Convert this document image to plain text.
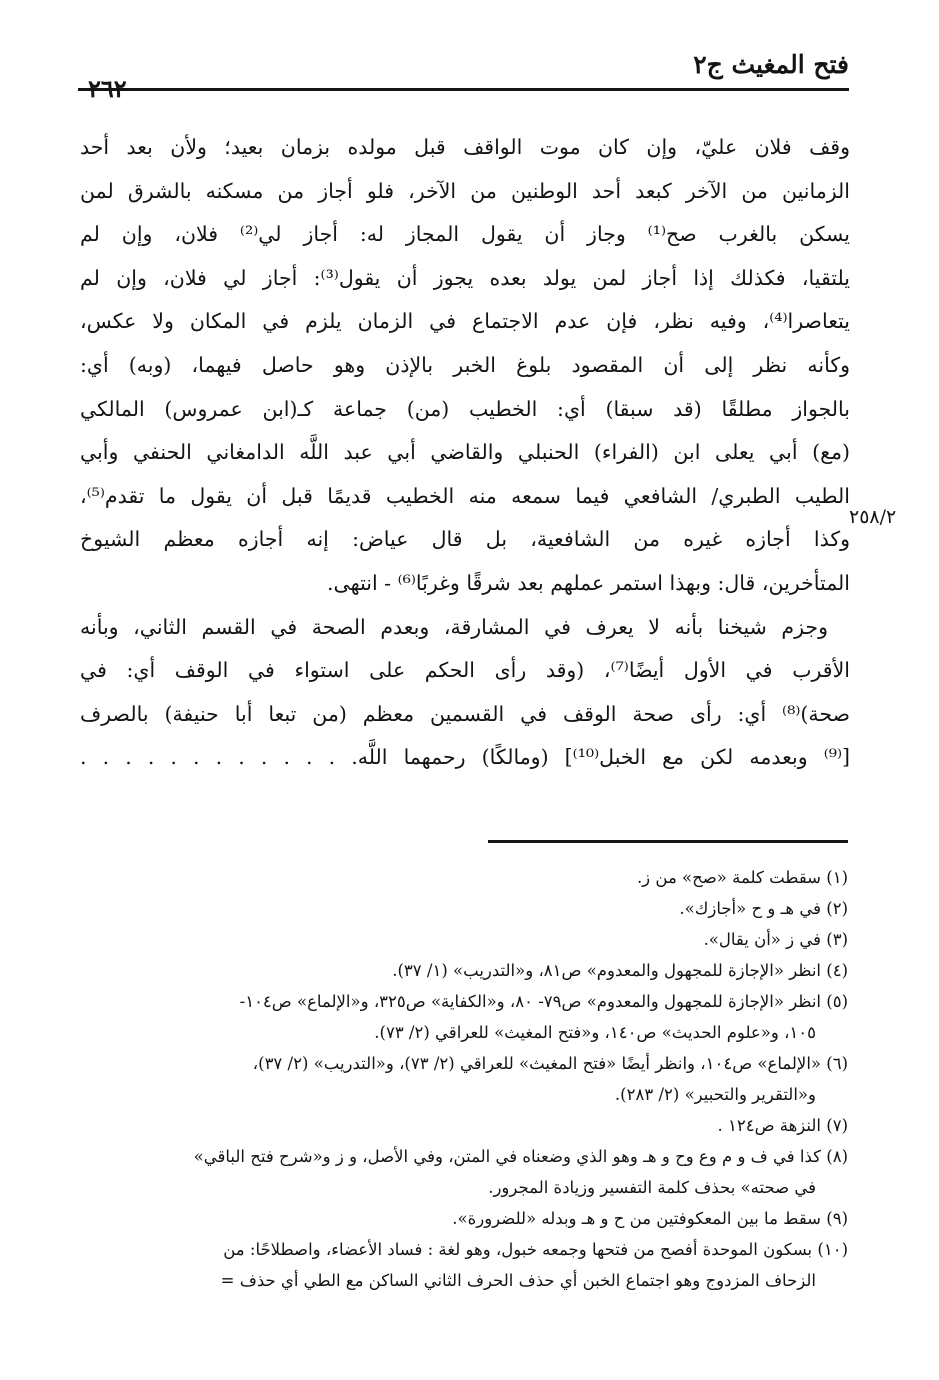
فتح المغيث ج٢
٢٦٢
وقف فلان عليّ، وإن كان موت الواقف قبل مولده بزمان بعيد؛ ولأن بعد أحد
الزمانين من الآخر كبعد أحد الوطنين من الآخر، فلو أجاز من مسكنه بالشرق لمن
يسكن بالغرب صح⁽¹⁾ وجاز أن يقول المجاز له: أجاز لي⁽²⁾ فلان، وإن لم
يلتقيا، فكذلك إذا أجاز لمن يولد بعده يجوز أن يقول⁽³⁾: أجاز لي فلان، وإن لم
يتعاصرا⁽⁴⁾، وفيه نظر، فإن عدم الاجتماع في الزمان يلزم في المكان ولا عكس،
وكأنه نظر إلى أن المقصود بلوغ الخبر بالإذن وهو حاصل فيهما، (وبه) أي:
بالجواز مطلقًا (قد سبقا) أي: الخطيب (من) جماعة كـ(ابن عمروس) المالكي
(مع) أبي يعلى ابن (الفراء) الحنبلي والقاضي أبي عبد اللَّه الدامغاني الحنفي وأبي
الطيب الطبري/ الشافعي فيما سمعه منه الخطيب قديمًا قبل أن يقول ما تقدم⁽⁵⁾،
وكذا أجازه غيره من الشافعية، بل قال عياض: إنه أجازه معظم الشيوخ
المتأخرين، قال: وبهذا استمر عملهم بعد شرقًا وغربًا⁽⁶⁾ - انتهى.
وجزم شيخنا بأنه لا يعرف في المشارقة، وبعدم الصحة في القسم الثاني، وبأنه
الأقرب في الأول أيضًا⁽⁷⁾، (وقد رأى الحكم على استواء في الوقف أي: في
صحة)⁽⁸⁾ أي: رأى صحة الوقف في القسمين معظم (من تبعا أبا حنيفة) بالصرف
[⁽⁹⁾ وبعدمه لكن مع الخبل⁽¹⁰⁾] (ومالكًا) رحمهما اللَّه. . . . . . . . . . . . .
٢٥٨/٢
(١) سقطت كلمة «صح» من ز.
(٢) في هـ و ح «أجازك».
(٣) في ز «أن يقال».
(٤) انظر «الإجازة للمجهول والمعدوم» ص٨١، و«التدريب» (١/ ٣٧).
(٥) انظر «الإجازة للمجهول والمعدوم» ص٧٩- ٨٠، و«الكفاية» ص٣٢٥، و«الإلماع» ص١٠٤-
١٠٥، و«علوم الحديث» ص١٤٠، و«فتح المغيث» للعراقي (٢/ ٧٣).
(٦) «الإلماع» ص١٠٤، وانظر أيضًا «فتح المغيث» للعراقي (٢/ ٧٣)، و«التدريب» (٢/ ٣٧)،
و«التقرير والتحبير» (٢/ ٢٨٣).
(٧) النزهة ص١٢٤ .
(٨) كذا في ف و م وع وح و هـ وهو الذي وضعناه في المتن، وفي الأصل، و ز و«شرح فتح الباقي»
في صحته» بحذف كلمة التفسير وزيادة المجرور.
(٩) سقط ما بين المعكوفتين من ح و هـ وبدله «للضرورة».
(١٠) بسكون الموحدة أفصح من فتحها وجمعه خبول، وهو لغة : فساد الأعضاء، واصطلاحًا: من
الزحاف المزدوج وهو اجتماع الخبن أي حذف الحرف الثاني الساكن مع الطي أي حذف =
